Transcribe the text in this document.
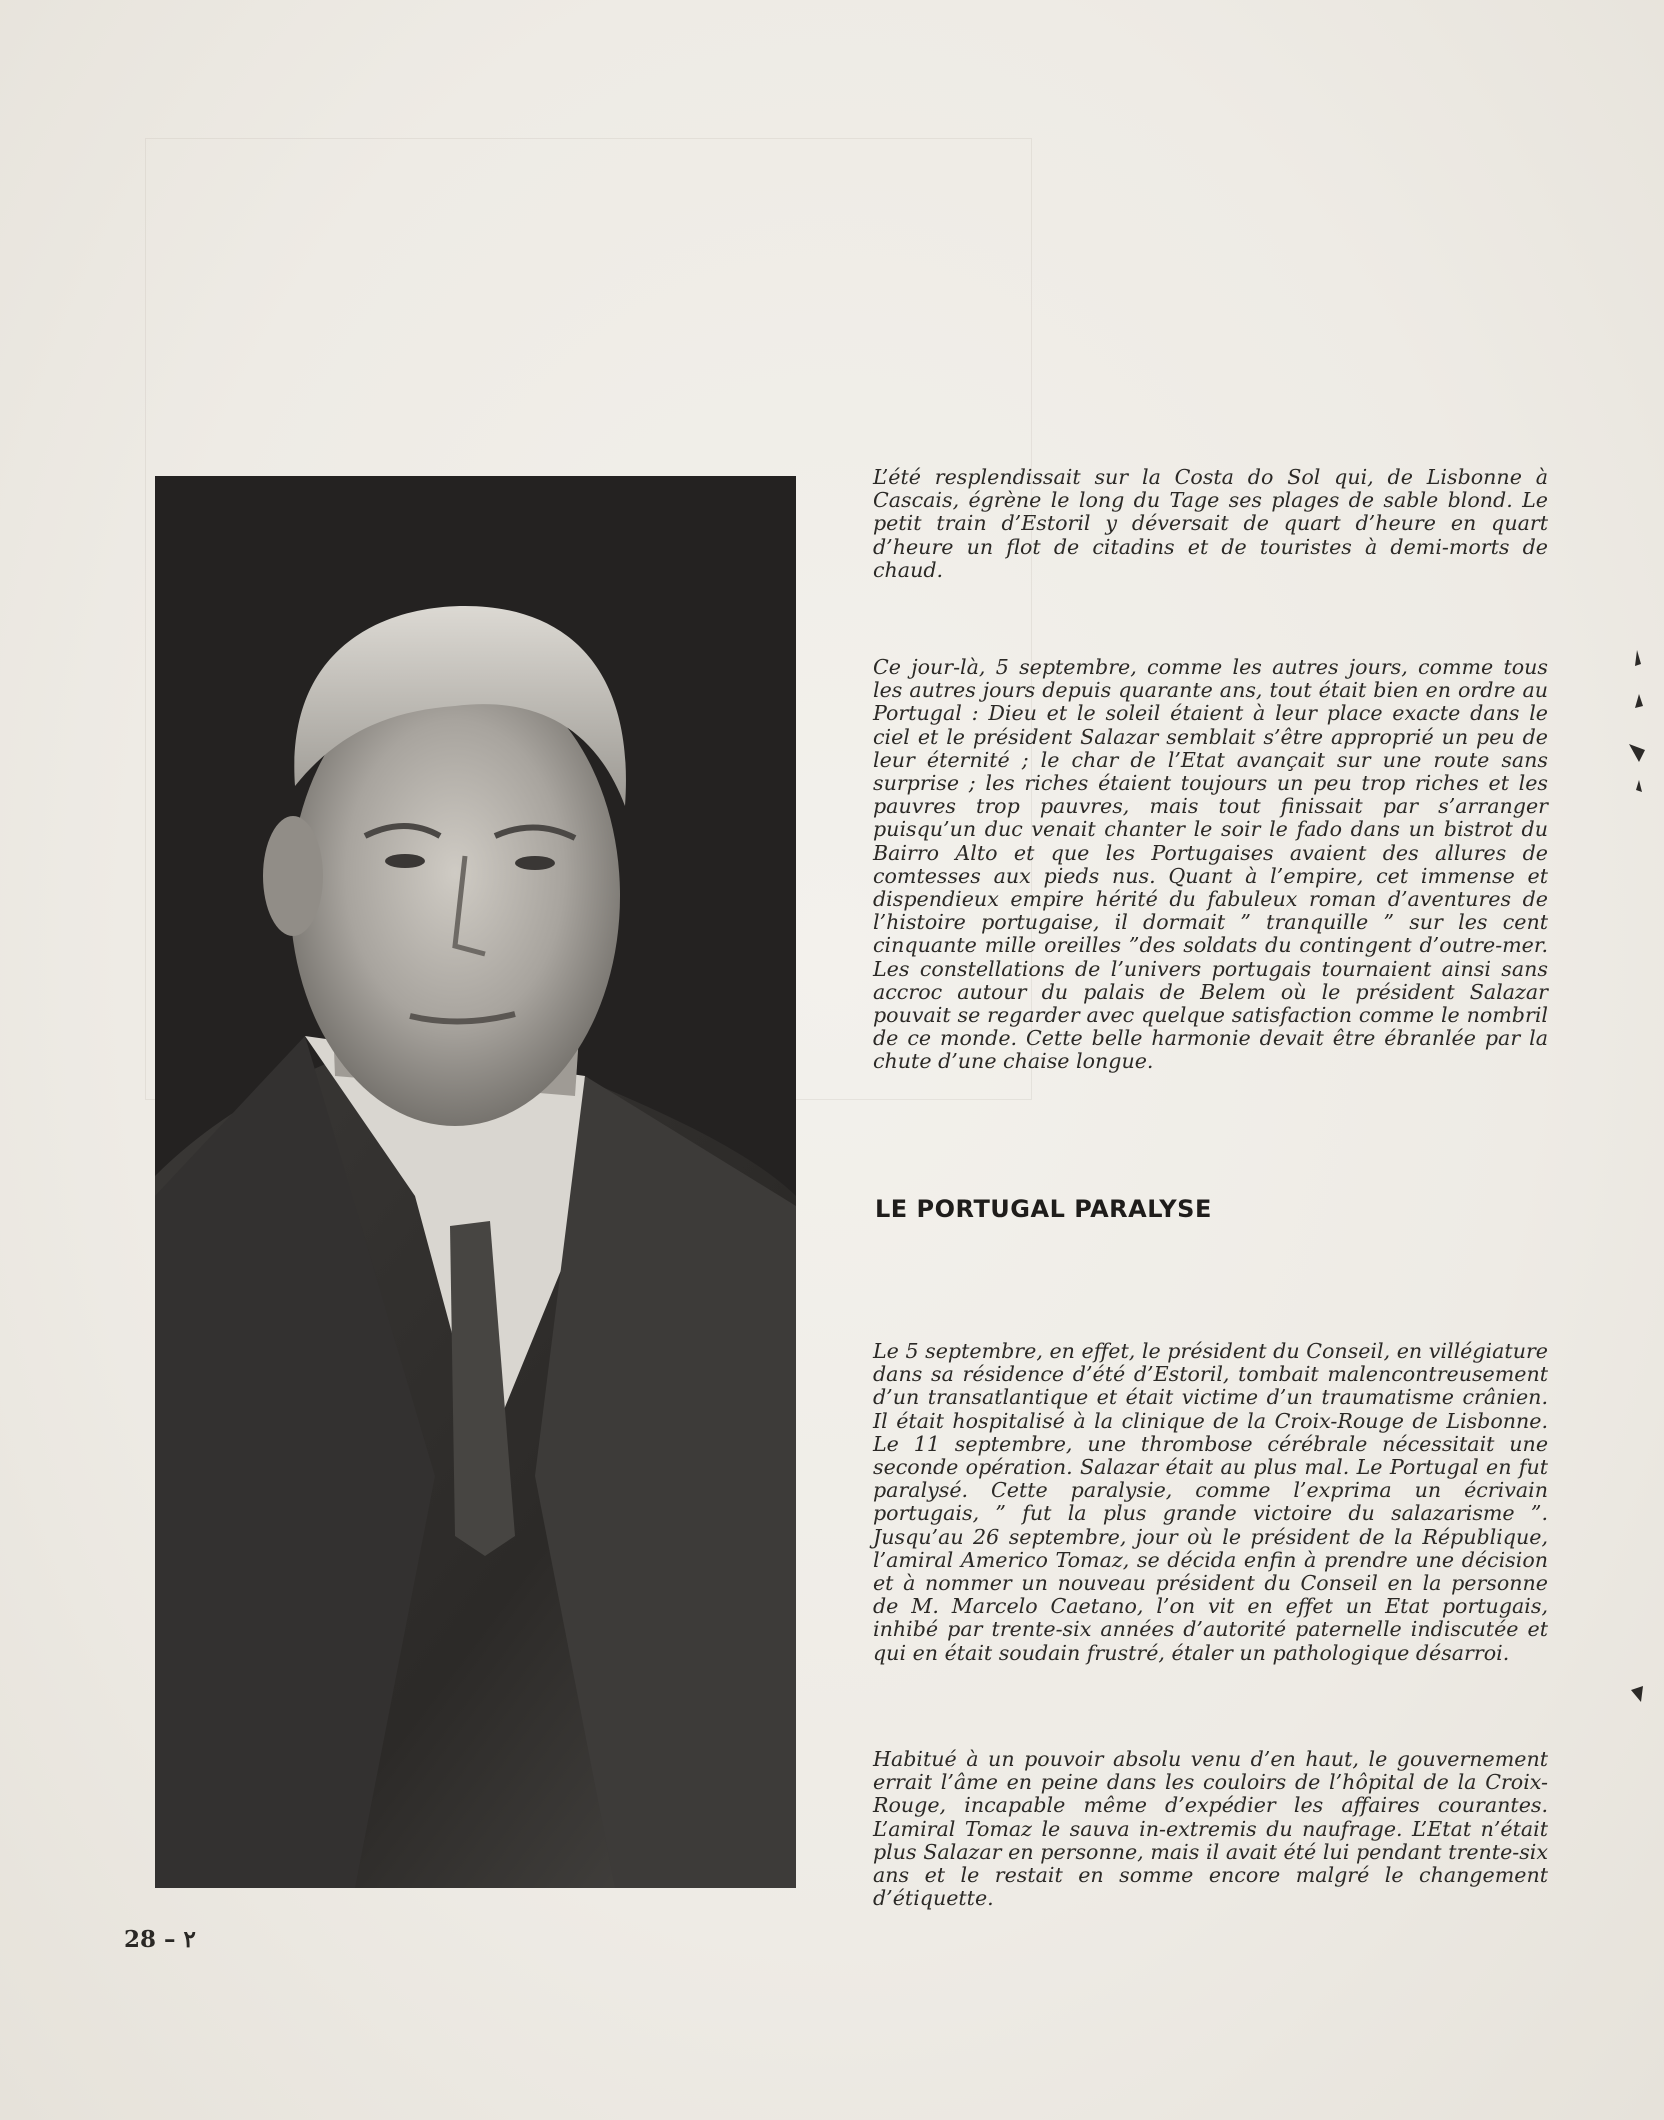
L’été resplendissait sur la Costa do Sol qui, de Lisbonne à Cascais, égrène le long du Tage ses plages de sable blond. Le petit train d’Estoril y déversait de quart d’heure en quart d’heure un flot de citadins et de touristes à demi-morts de chaud.

Ce jour-là, 5 septembre, comme les autres jours, comme tous les autres jours depuis quarante ans, tout était bien en ordre au Portugal : Dieu et le soleil étaient à leur place exacte dans le ciel et le président Salazar semblait s’être approprié un peu de leur éternité ; le char de l’Etat avançait sur une route sans surprise ; les riches étaient toujours un peu trop riches et les pauvres trop pauvres, mais tout finissait par s’arranger puisqu’un duc venait chanter le soir le fado dans un bistrot du Bairro Alto et que les Portugaises avaient des allures de comtesses aux pieds nus. Quant à l’empire, cet immense et dispendieux empire hérité du fabuleux roman d’aventures de l’histoire portugaise, il dormait ” tranquille ” sur les cent cinquante mille oreilles ”des soldats du contingent d’outre-mer. Les constellations de l’univers portugais tournaient ainsi sans accroc autour du palais de Belem où le président Salazar pouvait se regarder avec quelque satisfaction comme le nombril de ce monde. Cette belle harmonie devait être ébranlée par la chute d’une chaise longue.

LE PORTUGAL PARALYSE

Le 5 septembre, en effet, le président du Conseil, en villégiature dans sa résidence d’été d’Estoril, tombait malencontreusement d’un transatlantique et était victime d’un traumatisme crânien. Il était hospitalisé à la clinique de la Croix-Rouge de Lisbonne. Le 11 septembre, une thrombose cérébrale nécessitait une seconde opération. Salazar était au plus mal. Le Portugal en fut paralysé. Cette paralysie, comme l’exprima un écrivain portugais, ” fut la plus grande victoire du salazarisme ”. Jusqu’au 26 septembre, jour où le président de la République, l’amiral Americo Tomaz, se décida enfin à prendre une décision et à nommer un nouveau président du Conseil en la personne de M. Marcelo Caetano, l’on vit en effet un Etat portugais, inhibé par trente-six années d’autorité paternelle indiscutée et qui en était soudain frustré, étaler un pathologique désarroi.

Habitué à un pouvoir absolu venu d’en haut, le gouvernement errait l’âme en peine dans les couloirs de l’hôpital de la Croix-Rouge, incapable même d’expédier les affaires courantes. L’amiral Tomaz le sauva in-extremis du naufrage. L’Etat n’était plus Salazar en personne, mais il avait été lui pendant trente-six ans et le restait en somme encore malgré le changement d’étiquette.

28 – ٢
